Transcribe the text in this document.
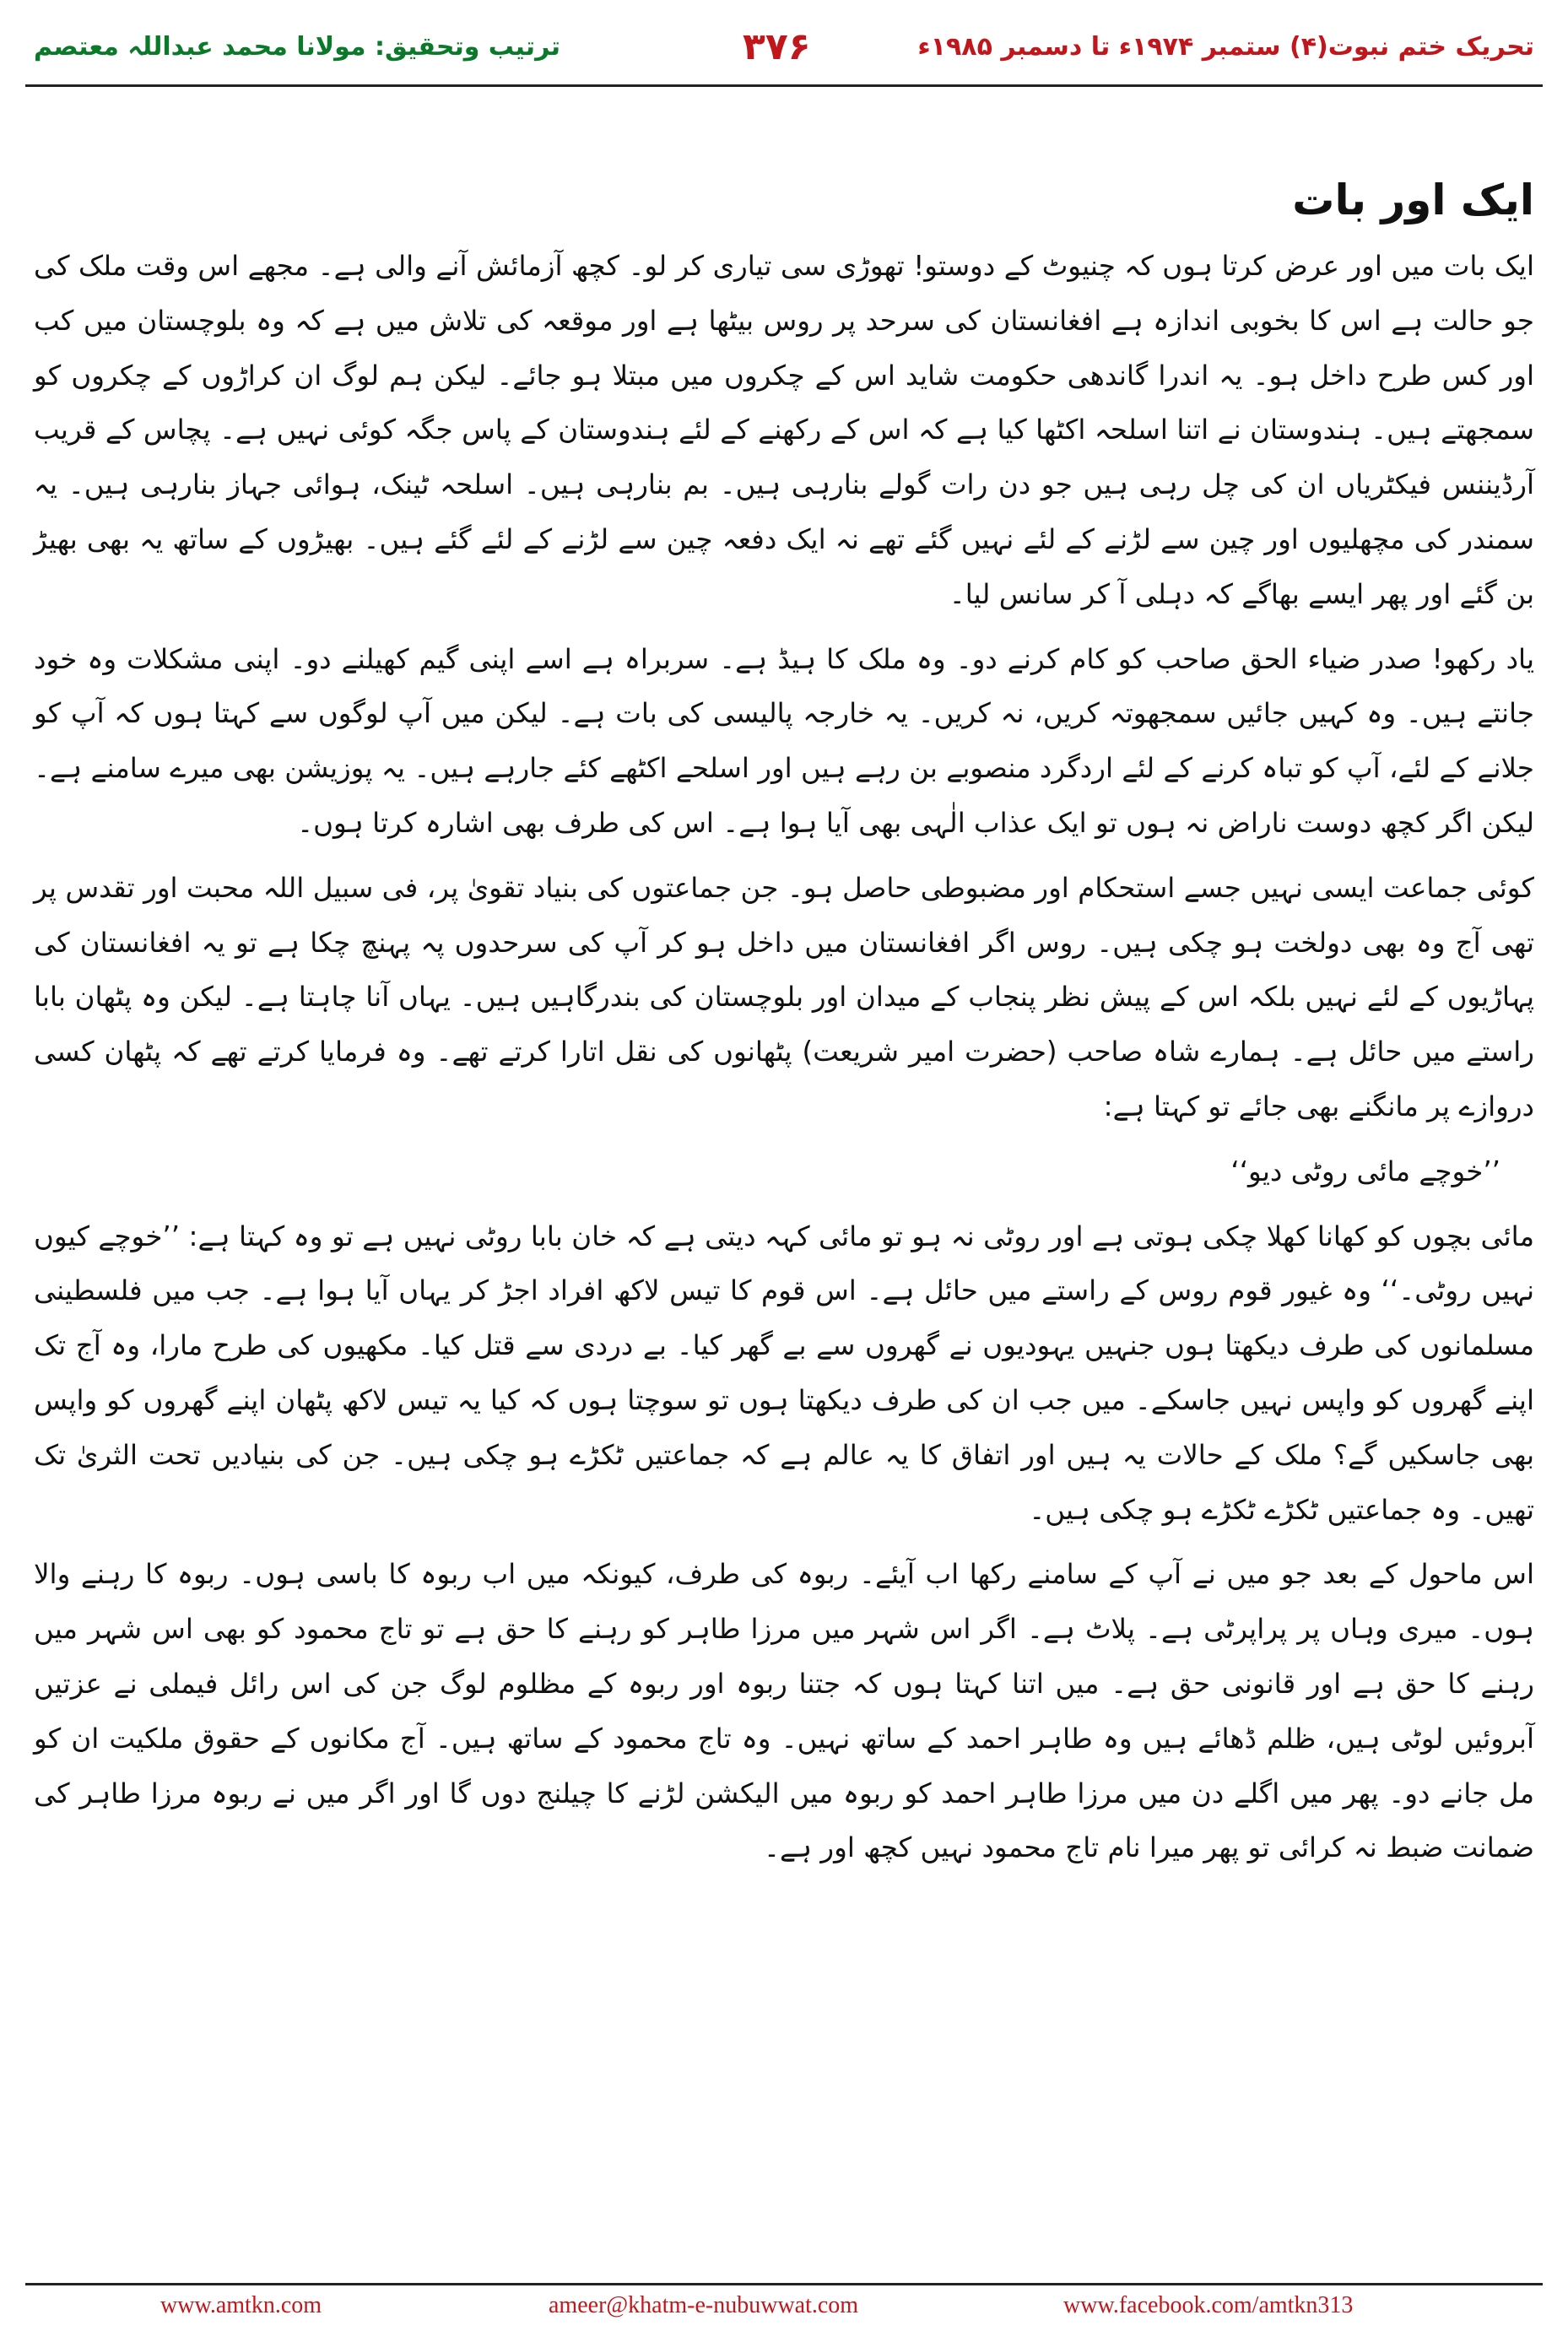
ترتیب وتحقیق: مولانا محمد عبداللہ معتصم	۳۷۶	تحریک ختم نبوت(۴) ستمبر ۱۹۷۴ء تا دسمبر ۱۹۸۵ء
ایک اور بات

ایک بات میں اور عرض کرتا ہوں کہ چنیوٹ کے دوستو! تھوڑی سی تیاری کر لو۔ کچھ آزمائش آنے والی ہے۔ مجھے اس وقت ملک کی جو حالت ہے اس کا بخوبی اندازہ ہے افغانستان کی سرحد پر روس بیٹھا ہے اور موقعہ کی تلاش میں ہے کہ وہ بلوچستان میں کب اور کس طرح داخل ہو۔ یہ اندرا گاندھی حکومت شاید اس کے چکروں میں مبتلا ہو جائے۔ لیکن ہم لوگ ان کراڑوں کے چکروں کو سمجھتے ہیں۔ ہندوستان نے اتنا اسلحہ اکٹھا کیا ہے کہ اس کے رکھنے کے لئے ہندوستان کے پاس جگہ کوئی نہیں ہے۔ پچاس کے قریب آرڈیننس فیکٹریاں ان کی چل رہی ہیں جو دن رات گولے بنارہی ہیں۔ بم بنارہی ہیں۔ اسلحہ ٹینک، ہوائی جہاز بنارہی ہیں۔ یہ سمندر کی مچھلیوں اور چین سے لڑنے کے لئے نہیں گئے تھے نہ ایک دفعہ چین سے لڑنے کے لئے گئے ہیں۔ بھیڑوں کے ساتھ یہ بھی بھیڑ بن گئے اور پھر ایسے بھاگے کہ دہلی آ کر سانس لیا۔

یاد رکھو! صدر ضیاء الحق صاحب کو کام کرنے دو۔ وہ ملک کا ہیڈ ہے۔ سربراہ ہے اسے اپنی گیم کھیلنے دو۔ اپنی مشکلات وہ خود جانتے ہیں۔ وہ کہیں جائیں سمجھوتہ کریں، نہ کریں۔ یہ خارجہ پالیسی کی بات ہے۔ لیکن میں آپ لوگوں سے کہتا ہوں کہ آپ کو جلانے کے لئے، آپ کو تباہ کرنے کے لئے اردگرد منصوبے بن رہے ہیں اور اسلحے اکٹھے کئے جارہے ہیں۔ یہ پوزیشن بھی میرے سامنے ہے۔ لیکن اگر کچھ دوست ناراض نہ ہوں تو ایک عذاب الٰہی بھی آیا ہوا ہے۔ اس کی طرف بھی اشارہ کرتا ہوں۔

کوئی جماعت ایسی نہیں جسے استحکام اور مضبوطی حاصل ہو۔ جن جماعتوں کی بنیاد تقویٰ پر، فی سبیل اللہ محبت اور تقدس پر تھی آج وہ بھی دولخت ہو چکی ہیں۔ روس اگر افغانستان میں داخل ہو کر آپ کی سرحدوں پہ پہنچ چکا ہے تو یہ افغانستان کی پہاڑیوں کے لئے نہیں بلکہ اس کے پیش نظر پنجاب کے میدان اور بلوچستان کی بندرگاہیں ہیں۔ یہاں آنا چاہتا ہے۔ لیکن وہ پٹھان بابا راستے میں حائل ہے۔ ہمارے شاہ صاحب (حضرت امیر شریعت) پٹھانوں کی نقل اتارا کرتے تھے۔ وہ فرمایا کرتے تھے کہ پٹھان کسی دروازے پر مانگنے بھی جائے تو کہتا ہے:

’’خوچے مائی روٹی دیو‘‘

مائی بچوں کو کھانا کھلا چکی ہوتی ہے اور روٹی نہ ہو تو مائی کہہ دیتی ہے کہ خان بابا روٹی نہیں ہے تو وہ کہتا ہے: ’’خوچے کیوں نہیں روٹی۔‘‘ وہ غیور قوم روس کے راستے میں حائل ہے۔ اس قوم کا تیس لاکھ افراد اجڑ کر یہاں آیا ہوا ہے۔ جب میں فلسطینی مسلمانوں کی طرف دیکھتا ہوں جنہیں یہودیوں نے گھروں سے بے گھر کیا۔ بے دردی سے قتل کیا۔ مکھیوں کی طرح مارا، وہ آج تک اپنے گھروں کو واپس نہیں جاسکے۔ میں جب ان کی طرف دیکھتا ہوں تو سوچتا ہوں کہ کیا یہ تیس لاکھ پٹھان اپنے گھروں کو واپس بھی جاسکیں گے؟ ملک کے حالات یہ ہیں اور اتفاق کا یہ عالم ہے کہ جماعتیں ٹکڑے ہو چکی ہیں۔ جن کی بنیادیں تحت الثریٰ تک تھیں۔ وہ جماعتیں ٹکڑے ٹکڑے ہو چکی ہیں۔

اس ماحول کے بعد جو میں نے آپ کے سامنے رکھا اب آیئے۔ ربوہ کی طرف، کیونکہ میں اب ربوہ کا باسی ہوں۔ ربوہ کا رہنے والا ہوں۔ میری وہاں پر پراپرٹی ہے۔ پلاٹ ہے۔ اگر اس شہر میں مرزا طاہر کو رہنے کا حق ہے تو تاج محمود کو بھی اس شہر میں رہنے کا حق ہے اور قانونی حق ہے۔ میں اتنا کہتا ہوں کہ جتنا ربوہ اور ربوہ کے مظلوم لوگ جن کی اس رائل فیملی نے عزتیں آبروئیں لوٹی ہیں، ظلم ڈھائے ہیں وہ طاہر احمد کے ساتھ نہیں۔ وہ تاج محمود کے ساتھ ہیں۔ آج مکانوں کے حقوق ملکیت ان کو مل جانے دو۔ پھر میں اگلے دن میں مرزا طاہر احمد کو ربوہ میں الیکشن لڑنے کا چیلنج دوں گا اور اگر میں نے ربوہ مرزا طاہر کی ضمانت ضبط نہ کرائی تو پھر میرا نام تاج محمود نہیں کچھ اور ہے۔

www.amtkn.com	ameer@khatm-e-nubuwwat.com	www.facebook.com/amtkn313
